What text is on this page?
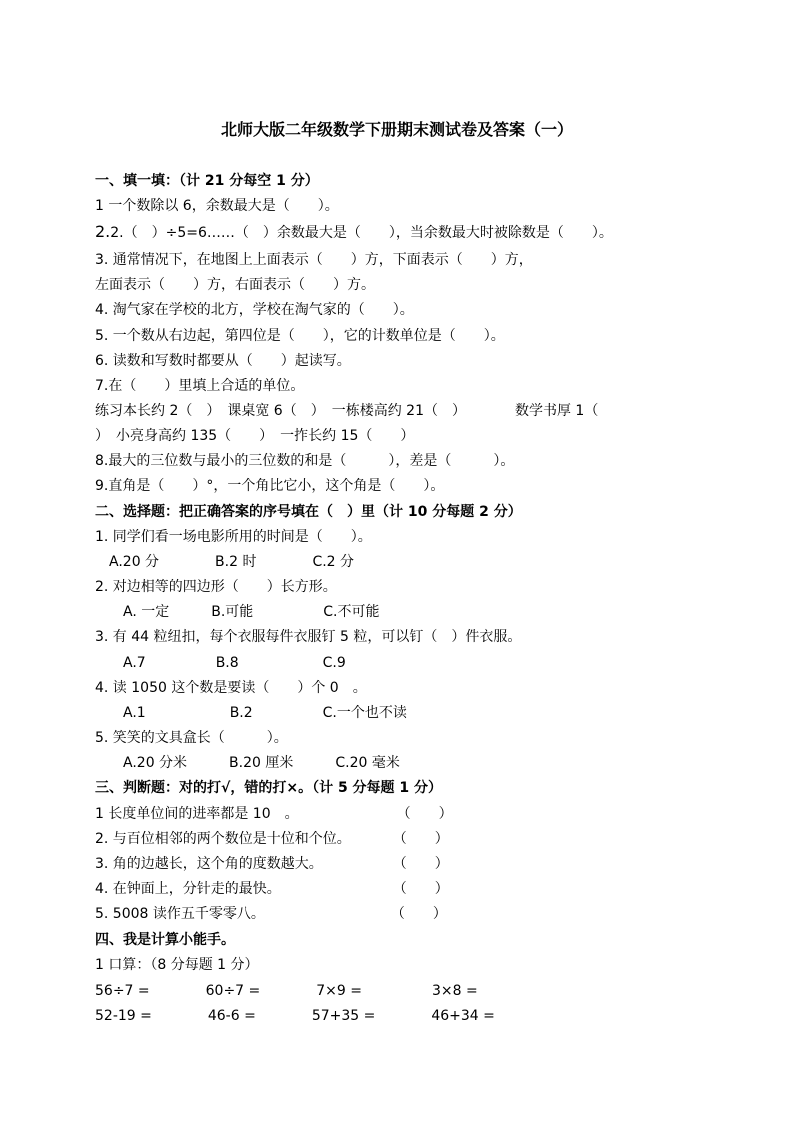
北师大版二年级数学下册期末测试卷及答案（一）
一、填一填：（计 21 分每空 1 分）
1 一个数除以 6，余数最大是（　　）。
2.2.（　）÷5=6……（　）余数最大是（　　），当余数最大时被除数是（　　）。
3. 通常情况下，在地图上上面表示（　　）方，下面表示（　　）方，
左面表示（　　）方，右面表示（　　）方。
4. 淘气家在学校的北方，学校在淘气家的（　　）。
5. 一个数从右边起，第四位是（　　），它的计数单位是（　　）。
6. 读数和写数时都要从（　　）起读写。
7.在（　　）里填上合适的单位。
练习本长约 2（　）　课桌宽 6（　）　一栋楼高约 21（　）　　　　数学书厚 1（
）　小亮身高约 135（　　）　一拃长约 15（　　）
8.最大的三位数与最小的三位数的和是（　　　），差是（　　　）。
9.直角是（　　）°，一个角比它小，这个角是（　　）。
二、选择题：把正确答案的序号填在（　）里（计 10 分每题 2 分）
1. 同学们看一场电影所用的时间是（　　）。
　A.20 分　　　　B.2 时　　　　C.2 分
2. 对边相等的四边形（　　）长方形。
　　A. 一定　　　B.可能　　　　　C.不可能
3. 有 44 粒纽扣，每个衣服每件衣服钉 5 粒，可以钉（　）件衣服。
　　A.7　　　　　B.8　　　　　　C.9
4. 读 1050 这个数是要读（　　）个 0　。
　　A.1　　　　　　B.2　　　　　C.一个也不读
5. 笑笑的文具盒长（　　　）。
　　A.20 分米　　　B.20 厘米　　　C.20 毫米
三、判断题：对的打√，错的打×。（计 5 分每题 1 分）
1 长度单位间的进率都是 10　。　　　　　　　　（　　）
2. 与百位相邻的两个数位是十位和个位。　　　　（　　）
3. 角的边越长，这个角的度数越大。　　　　　　（　　）
4. 在钟面上，分针走的最快。　　　　　　　　　（　　）
5. 5008 读作五千零零八。　　　　　　　　　　（　　）
四、我是计算小能手。
1 口算：（8 分每题 1 分）
56÷7 =　　　　60÷7 =　　　　7×9 =　　　　　3×8 =
52-19 =　　　　46-6 =　　　　57+35 =　　　　46+34 =
